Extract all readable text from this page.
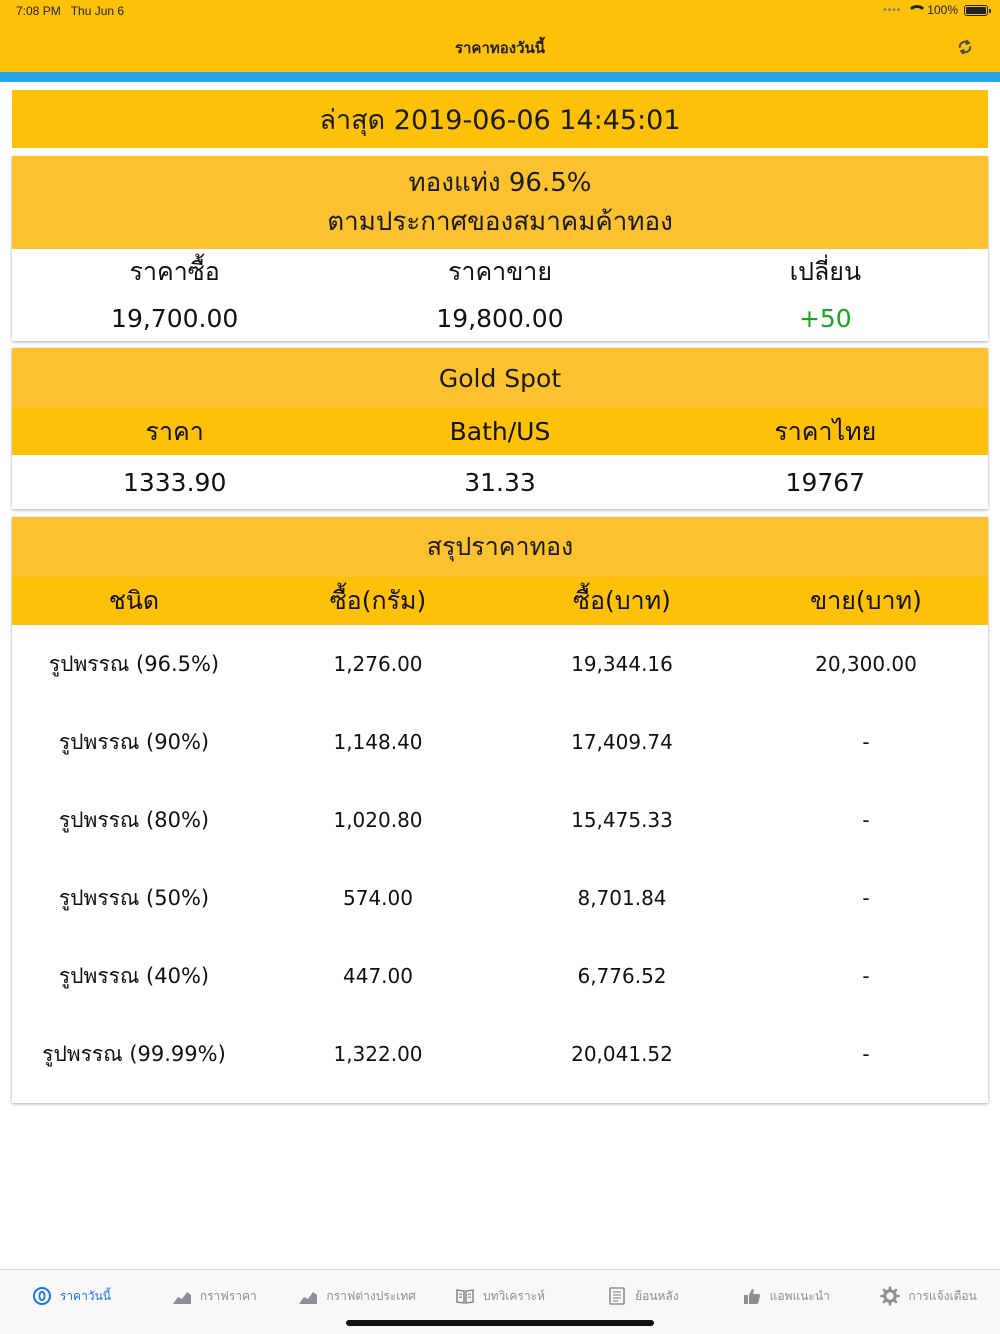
7:08 PM Thu Jun 6	•••• 100%
ราคาทองวันนี้
ล่าสุด 2019-06-06 14:45:01
ทองแท่ง 96.5%
ตามประกาศของสมาคมค้าทอง
ราคาซื้อ	ราคาขาย	เปลี่ยน
19,700.00	19,800.00	+50
Gold Spot
ราคา	Bath/US	ราคาไทย
1333.90	31.33	19767
สรุปราคาทอง
ชนิด	ซื้อ(กรัม)	ซื้อ(บาท)	ขาย(บาท)
รูปพรรณ (96.5%)	1,276.00	19,344.16	20,300.00
รูปพรรณ (90%)	1,148.40	17,409.74	-
รูปพรรณ (80%)	1,020.80	15,475.33	-
รูปพรรณ (50%)	574.00	8,701.84	-
รูปพรรณ (40%)	447.00	6,776.52	-
รูปพรรณ (99.99%)	1,322.00	20,041.52	-
ราคาวันนี้	กราฟราคา	กราฟต่างประเทศ	บทวิเคราะห์	ย้อนหลัง	แอพแนะนำ	การแจ้งเตือน
